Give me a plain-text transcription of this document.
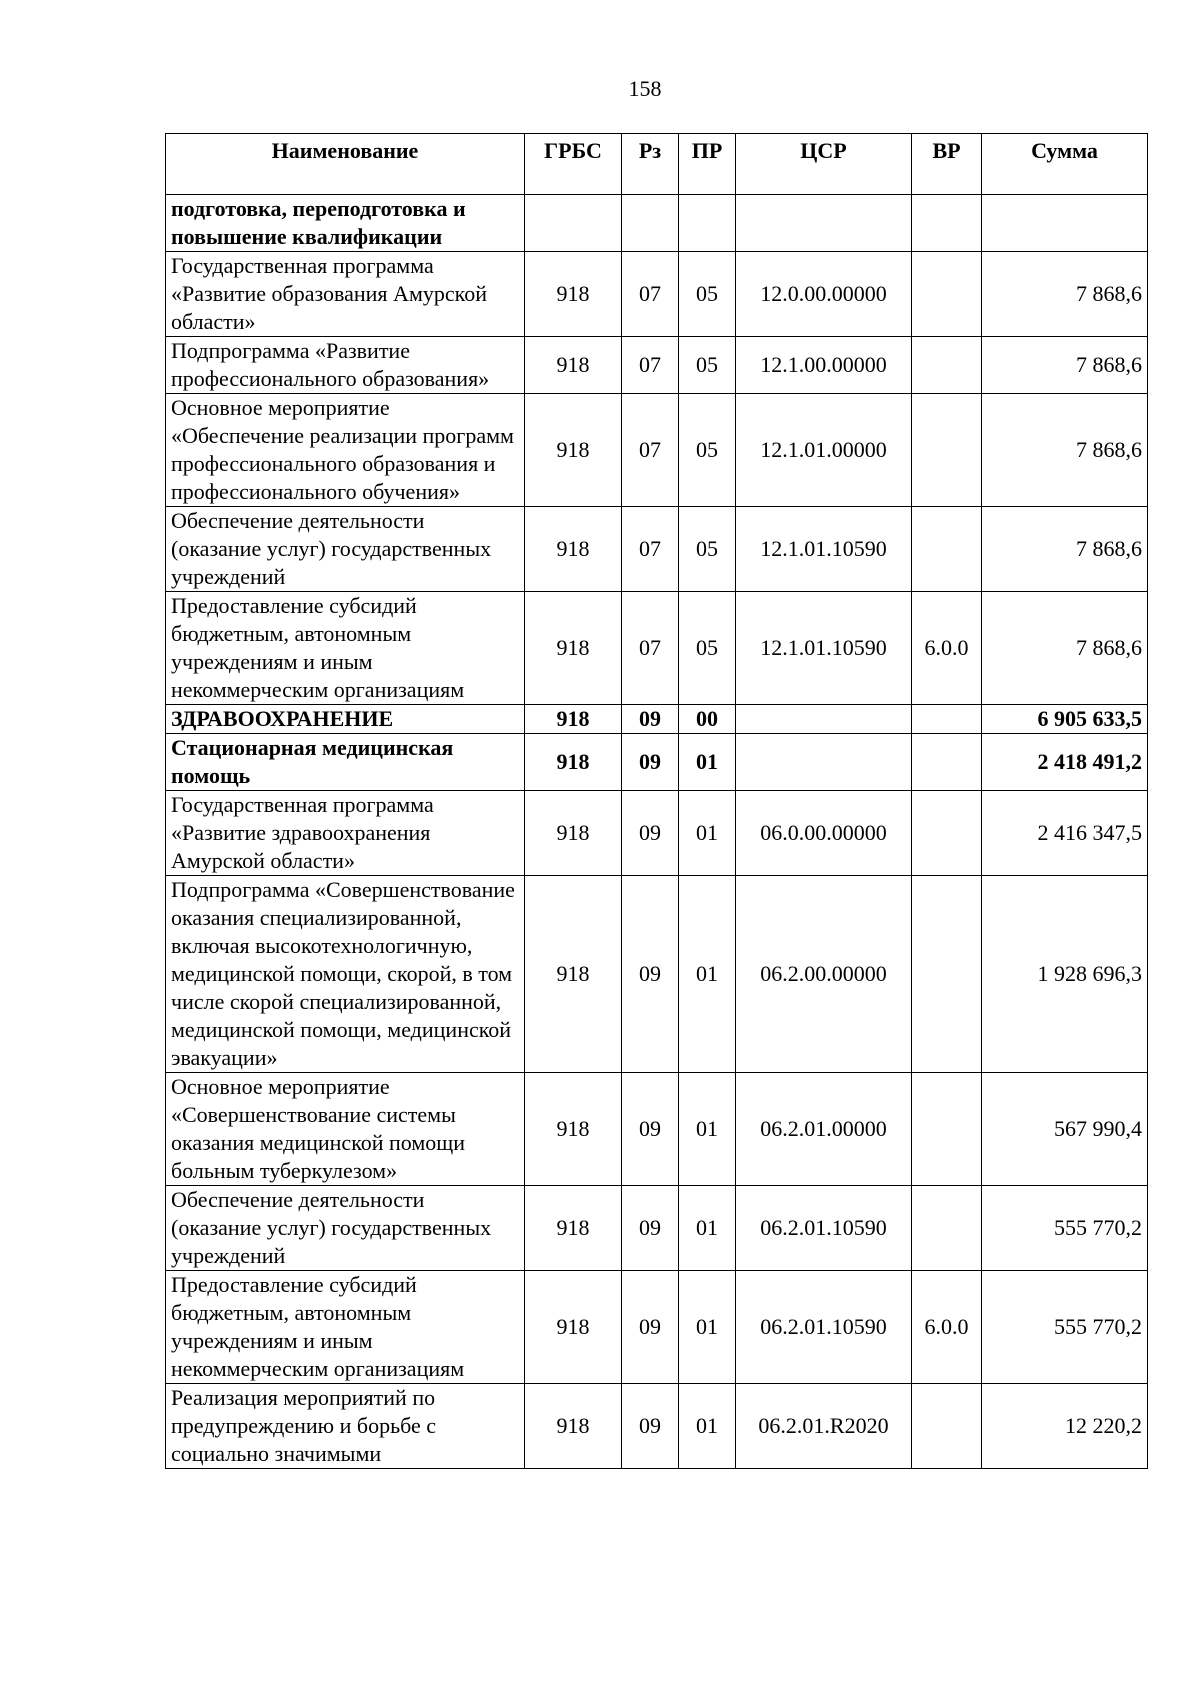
158
Наименование	ГРБС	Рз	ПР	ЦСР	ВР	Сумма
подготовка, переподготовка и повышение квалификации						
Государственная программа «Развитие образования Амурской области»	918	07	05	12.0.00.00000		7 868,6
Подпрограмма «Развитие профессионального образования»	918	07	05	12.1.00.00000		7 868,6
Основное мероприятие «Обеспечение реализации программ профессионального образования и профессионального обучения»	918	07	05	12.1.01.00000		7 868,6
Обеспечение деятельности (оказание услуг) государственных учреждений	918	07	05	12.1.01.10590		7 868,6
Предоставление субсидий бюджетным, автономным учреждениям и иным некоммерческим организациям	918	07	05	12.1.01.10590	6.0.0	7 868,6
ЗДРАВООХРАНЕНИЕ	918	09	00			6 905 633,5
Стационарная медицинская помощь	918	09	01			2 418 491,2
Государственная программа «Развитие здравоохранения Амурской области»	918	09	01	06.0.00.00000		2 416 347,5
Подпрограмма «Совершенствование оказания специализированной, включая высокотехнологичную, медицинской помощи, скорой, в том числе скорой специализированной, медицинской помощи, медицинской эвакуации»	918	09	01	06.2.00.00000		1 928 696,3
Основное мероприятие «Совершенствование системы оказания медицинской помощи больным туберкулезом»	918	09	01	06.2.01.00000		567 990,4
Обеспечение деятельности (оказание услуг) государственных учреждений	918	09	01	06.2.01.10590		555 770,2
Предоставление субсидий бюджетным, автономным учреждениям и иным некоммерческим организациям	918	09	01	06.2.01.10590	6.0.0	555 770,2
Реализация мероприятий по предупреждению и борьбе с социально значимыми	918	09	01	06.2.01.R2020		12 220,2
